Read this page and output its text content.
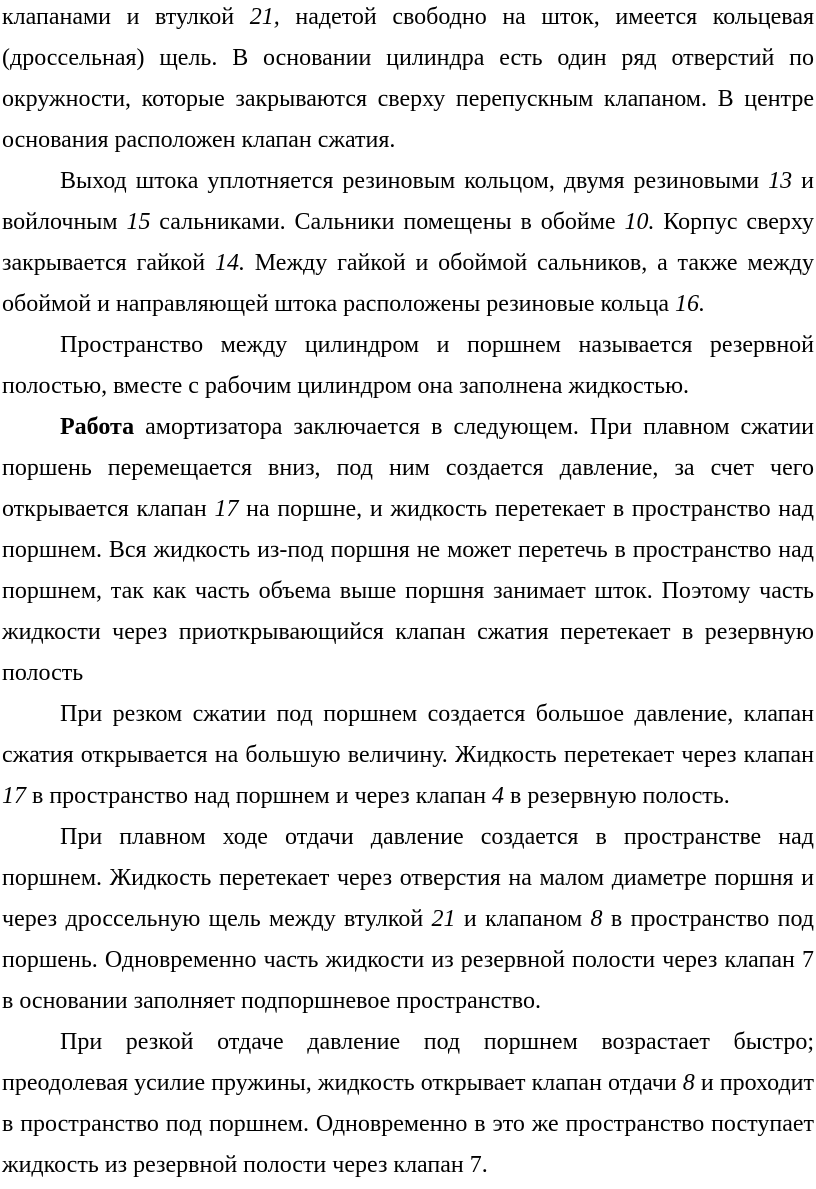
клапанами и втулкой 21, надетой свободно на шток, имеется кольцевая (дроссельная) щель. В основании цилиндра есть один ряд отверстий по окружности, которые закрываются сверху перепускным клапаном. В центре основания расположен клапан сжатия.

Выход штока уплотняется резиновым кольцом, двумя резиновыми 13 и войлочным 15 сальниками. Сальники помещены в обойме 10. Корпус сверху закрывается гайкой 14. Между гайкой и обоймой сальников, а также между обоймой и направляющей штока расположены резиновые кольца 16.

Пространство между цилиндром и поршнем называется резервной полостью, вместе с рабочим цилиндром она заполнена жидкостью.

Работа амортизатора заключается в следующем. При плавном сжатии поршень перемещается вниз, под ним создается давление, за счет чего открывается клапан 17 на поршне, и жидкость перетекает в пространство над поршнем. Вся жидкость из-под поршня не может перетечь в пространство над поршнем, так как часть объема выше поршня занимает шток. Поэтому часть жидкости через приоткрывающийся клапан сжатия перетекает в резервную полость

При резком сжатии под поршнем создается большое давление, клапан сжатия открывается на большую величину. Жидкость перетекает через клапан 17 в пространство над поршнем и через клапан 4 в резервную полость.

При плавном ходе отдачи давление создается в пространстве над поршнем. Жидкость перетекает через отверстия на малом диаметре поршня и через дроссельную щель между втулкой 21 и клапаном 8 в пространство под поршень. Одновременно часть жидкости из резервной полости через клапан 7 в основании заполняет подпоршневое пространство.

При резкой отдаче давление под поршнем возрастает быстро; преодолевая усилие пружины, жидкость открывает клапан отдачи 8 и проходит в пространство под поршнем. Одновременно в это же пространство поступает жидкость из резервной полости через клапан 7.
